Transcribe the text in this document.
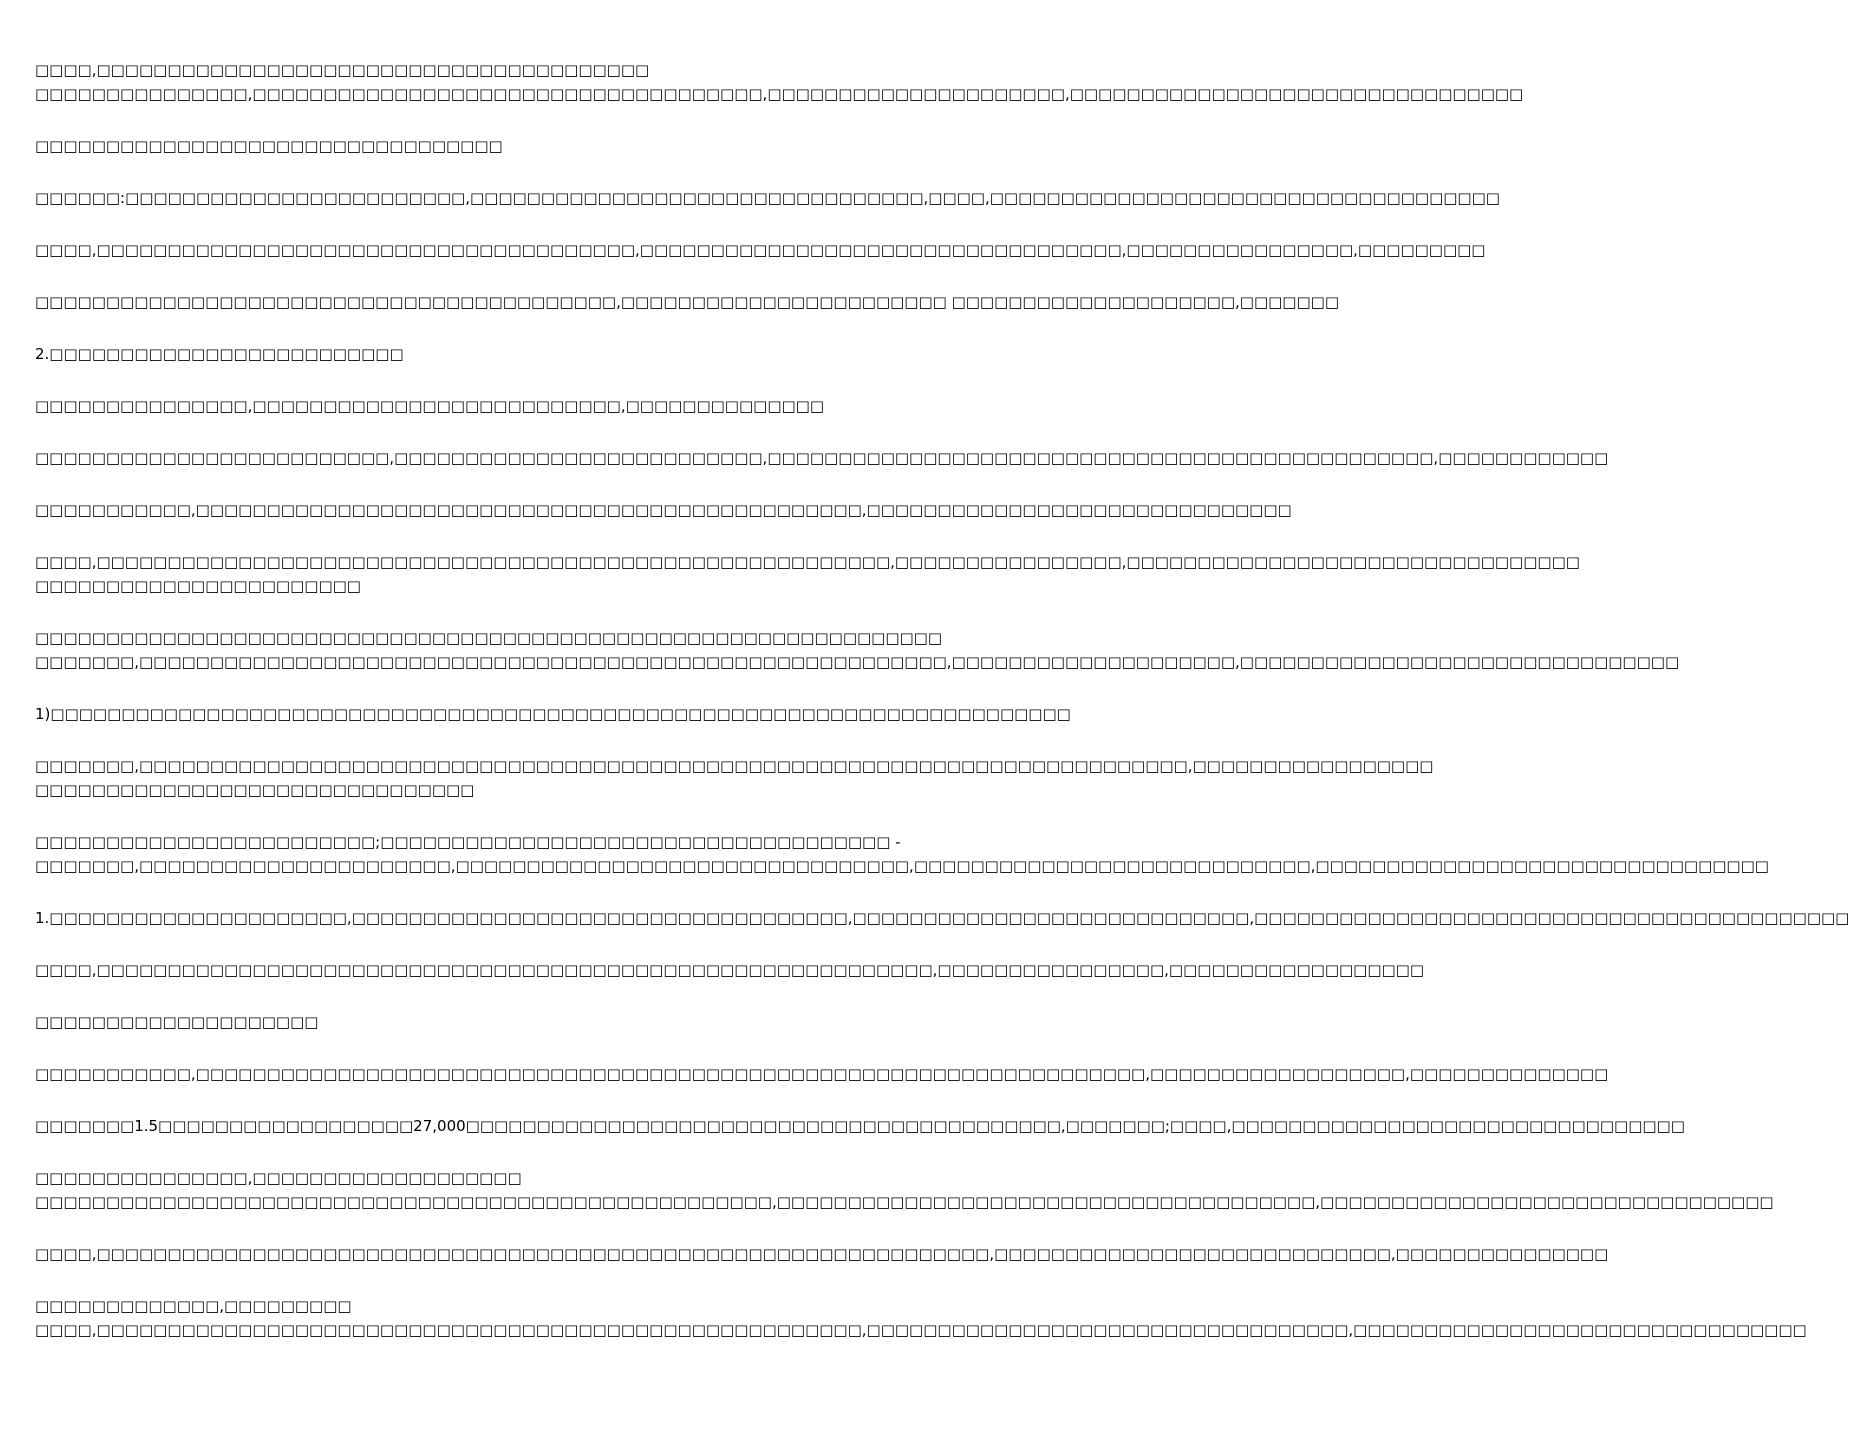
□□□□,□□□□□□□□□□□□□□□□□□□□□□□□□□□□□□□□□□□□□□□
□□□□□□□□□□□□□□□,□□□□□□□□□□□□□□□□□□□□□□□□□□□□□□□□□□□□,□□□□□□□□□□□□□□□□□□□□□,□□□□□□□□□□□□□□□□□□□□□□□□□□□□□□□□
□□□□□□□□□□□□□□□□□□□□□□□□□□□□□□□□□
□□□□□□:□□□□□□□□□□□□□□□□□□□□□□□□,□□□□□□□□□□□□□□□□□□□□□□□□□□□□□□□□,□□□□,□□□□□□□□□□□□□□□□□□□□□□□□□□□□□□□□□□□□
□□□□,□□□□□□□□□□□□□□□□□□□□□□□□□□□□□□□□□□□□□□,□□□□□□□□□□□□□□□□□□□□□□□□□□□□□□□□□□,□□□□□□□□□□□□□□□□,□□□□□□□□□
□□□□□□□□□□□□□□□□□□□□□□□□□□□□□□□□□□□□□□□□□,□□□□□□□□□□□□□□□□□□□□□□□ □□□□□□□□□□□□□□□□□□□□,□□□□□□□
2.□□□□□□□□□□□□□□□□□□□□□□□□□
□□□□□□□□□□□□□□□,□□□□□□□□□□□□□□□□□□□□□□□□□□,□□□□□□□□□□□□□□
□□□□□□□□□□□□□□□□□□□□□□□□□,□□□□□□□□□□□□□□□□□□□□□□□□□□,□□□□□□□□□□□□□□□□□□□□□□□□□□□□□□□□□□□□□□□□□□□□□□□,□□□□□□□□□□□□
□□□□□□□□□□□,□□□□□□□□□□□□□□□□□□□□□□□□□□□□□□□□□□□□□□□□□□□□□□□,□□□□□□□□□□□□□□□□□□□□□□□□□□□□□□
□□□□,□□□□□□□□□□□□□□□□□□□□□□□□□□□□□□□□□□□□□□□□□□□□□□□□□□□□□□□□,□□□□□□□□□□□□□□□□,□□□□□□□□□□□□□□□□□□□□□□□□□□□□□□□□
□□□□□□□□□□□□□□□□□□□□□□□
□□□□□□□□□□□□□□□□□□□□□□□□□□□□□□□□□□□□□□□□□□□□□□□□□□□□□□□□□□□□□□□□
□□□□□□□,□□□□□□□□□□□□□□□□□□□□□□□□□□□□□□□□□□□□□□□□□□□□□□□□□□□□□□□□□,□□□□□□□□□□□□□□□□□□□□,□□□□□□□□□□□□□□□□□□□□□□□□□□□□□□□
1)□□□□□□□□□□□□□□□□□□□□□□□□□□□□□□□□□□□□□□□□□□□□□□□□□□□□□□□□□□□□□□□□□□□□□□□□
□□□□□□□,□□□□□□□□□□□□□□□□□□□□□□□□□□□□□□□□□□□□□□□□□□□□□□□□□□□□□□□□□□□□□□□□□□□□□□□□□□,□□□□□□□□□□□□□□□□□
□□□□□□□□□□□□□□□□□□□□□□□□□□□□□□□
□□□□□□□□□□□□□□□□□□□□□□□□;□□□□□□□□□□□□□□□□□□□□□□□□□□□□□□□□□□□□ -
□□□□□□□,□□□□□□□□□□□□□□□□□□□□□□,□□□□□□□□□□□□□□□□□□□□□□□□□□□□□□□□,□□□□□□□□□□□□□□□□□□□□□□□□□□□□,□□□□□□□□□□□□□□□□□□□□□□□□□□□□□□□□
1.□□□□□□□□□□□□□□□□□□□□□,□□□□□□□□□□□□□□□□□□□□□□□□□□□□□□□□□□□,□□□□□□□□□□□□□□□□□□□□□□□□□□□□,□□□□□□□□□□□□□□□□□□□□□□□□□□□□□□□□□□□□□□□□□□
□□□□,□□□□□□□□□□□□□□□□□□□□□□□□□□□□□□□□□□□□□□□□□□□□□□□□□□□□□□□□□□□,□□□□□□□□□□□□□□□□,□□□□□□□□□□□□□□□□□□
□□□□□□□□□□□□□□□□□□□□
□□□□□□□□□□□,□□□□□□□□□□□□□□□□□□□□□□□□□□□□□□□□□□□□□□□□□□□□□□□□□□□□□□□□□□□□□□□□□□□,□□□□□□□□□□□□□□□□□□,□□□□□□□□□□□□□□
□□□□□□□1.5□□□□□□□□□□□□□□□□□□27,000□□□□□□□□□□□□□□□□□□□□□□□□□□□□□□□□□□□□□□□□□□,□□□□□□□;□□□□,□□□□□□□□□□□□□□□□□□□□□□□□□□□□□□□□
□□□□□□□□□□□□□□□,□□□□□□□□□□□□□□□□□□□
□□□□□□□□□□□□□□□□□□□□□□□□□□□□□□□□□□□□□□□□□□□□□□□□□□□□,□□□□□□□□□□□□□□□□□□□□□□□□□□□□□□□□□□□□□□,□□□□□□□□□□□□□□□□□□□□□□□□□□□□□□□□
□□□□,□□□□□□□□□□□□□□□□□□□□□□□□□□□□□□□□□□□□□□□□□□□□□□□□□□□□□□□□□□□□□□□,□□□□□□□□□□□□□□□□□□□□□□□□□□□□,□□□□□□□□□□□□□□□
□□□□□□□□□□□□□,□□□□□□□□□
□□□□,□□□□□□□□□□□□□□□□□□□□□□□□□□□□□□□□□□□□□□□□□□□□□□□□□□□□□□,□□□□□□□□□□□□□□□□□□□□□□□□□□□□□□□□□□,□□□□□□□□□□□□□□□□□□□□□□□□□□□□□□□□
